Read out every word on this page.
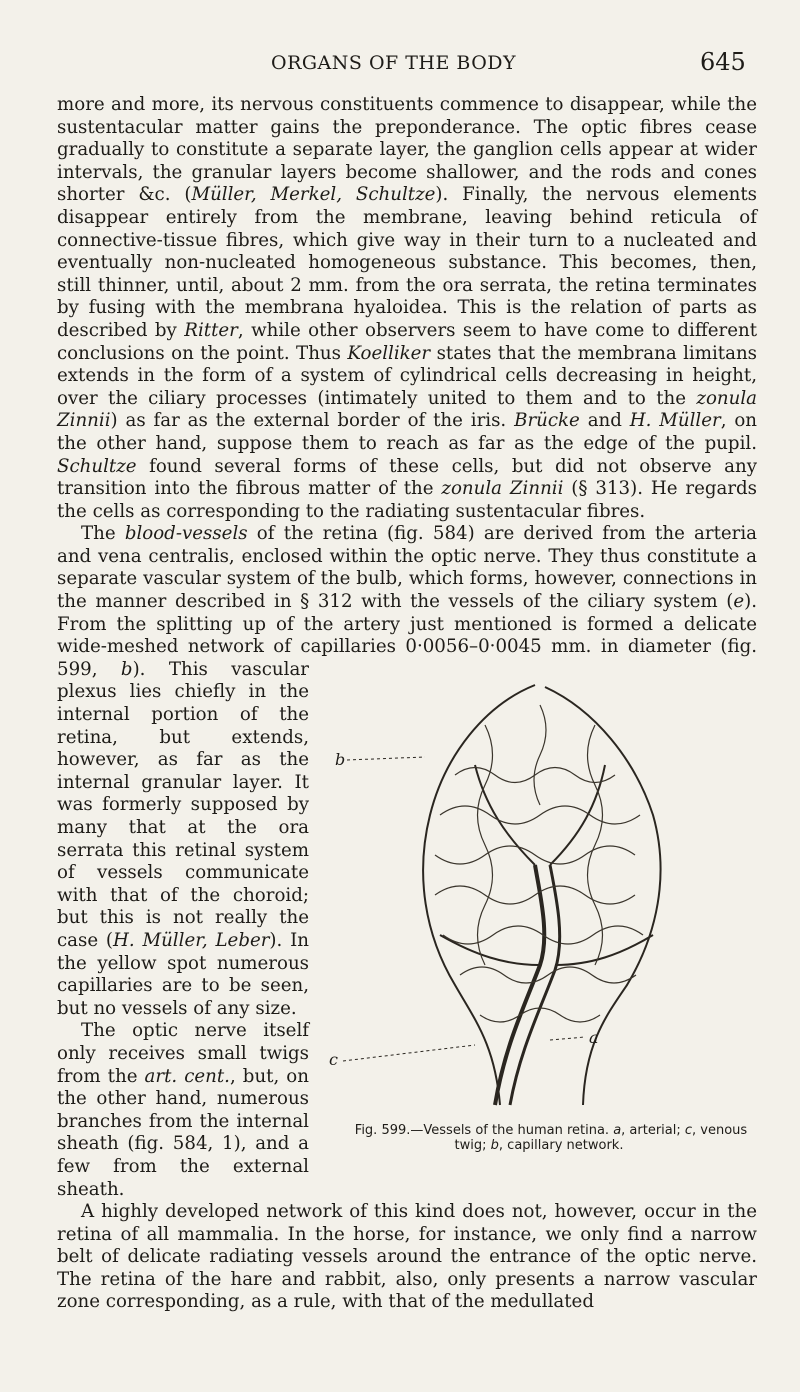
ORGANS OF THE BODY	645

more and more, its nervous constituents commence to disappear, while the sustentacular matter gains the preponderance. The optic fibres cease gradually to constitute a separate layer, the ganglion cells appear at wider intervals, the granular layers become shallower, and the rods and cones shorter &c. (Müller, Merkel, Schultze). Finally, the nervous elements disappear entirely from the membrane, leaving behind reticula of connective-tissue fibres, which give way in their turn to a nucleated and eventually non-nucleated homogeneous substance. This becomes, then, still thinner, until, about 2 mm. from the ora serrata, the retina terminates by fusing with the membrana hyaloidea. This is the relation of parts as described by Ritter, while other observers seem to have come to different conclusions on the point. Thus Koelliker states that the membrana limitans extends in the form of a system of cylindrical cells decreasing in height, over the ciliary processes (intimately united to them and to the zonula Zinnii) as far as the external border of the iris. Brücke and H. Müller, on the other hand, suppose them to reach as far as the edge of the pupil. Schultze found several forms of these cells, but did not observe any transition into the fibrous matter of the zonula Zinnii (§ 313). He regards the cells as corresponding to the radiating sustentacular fibres.

The blood-vessels of the retina (fig. 584) are derived from the arteria and vena centralis, enclosed within the optic nerve. They thus constitute a separate vascular system of the bulb, which forms, however, connections in the manner described in § 312 with the vessels of the ciliary system (e). From the splitting up of the artery just mentioned is formed a delicate wide-meshed network of capillaries 0·0056–0·0045 mm. in diameter (fig. 599,
b
c
a
Fig. 599.—Vessels of the human retina. a, arterial; c, venous twig; b, capillary network.
b). This vascular plexus lies chiefly in the internal portion of the retina, but extends, however, as far as the internal granular layer. It was formerly supposed by many that at the ora serrata this retinal system of vessels communicate with that of the choroid; but this is not really the case (H. Müller, Leber). In the yellow spot numerous capillaries are to be seen, but no vessels of any size.

The optic nerve itself only receives small twigs from the art. cent., but, on the other hand, numerous branches from the internal sheath (fig. 584, 1), and a few from the external sheath.

A highly developed network of this kind does not, however, occur in the retina of all mammalia. In the horse, for instance, we only find a narrow belt of delicate radiating vessels around the entrance of the optic nerve. The retina of the hare and rabbit, also, only presents a narrow vascular zone corresponding, as a rule, with that of the medullated
